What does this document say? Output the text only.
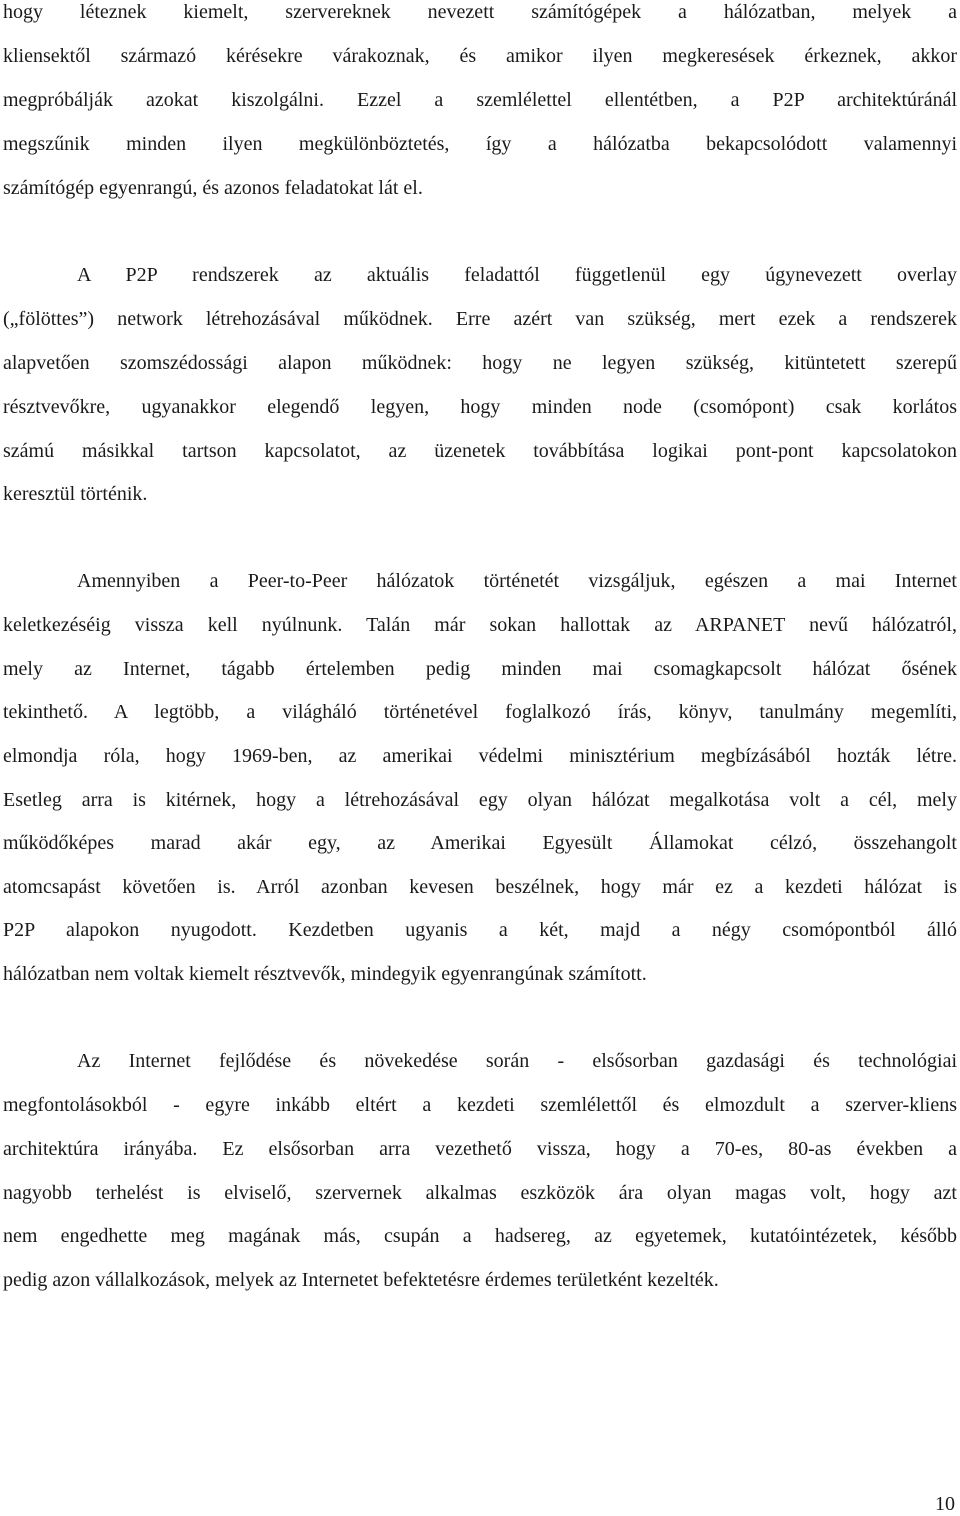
hogy léteznek kiemelt, szervereknek nevezett számítógépek a hálózatban, melyek a
kliensektől származó kérésekre várakoznak, és amikor ilyen megkeresések érkeznek, akkor
megpróbálják azokat kiszolgálni. Ezzel a szemlélettel ellentétben, a P2P architektúránál
megszűnik minden ilyen megkülönböztetés, így a hálózatba bekapcsolódott valamennyi
számítógép egyenrangú, és azonos feladatokat lát el.
A P2P rendszerek az aktuális feladattól függetlenül egy úgynevezett overlay
(„fölöttes”) network létrehozásával működnek. Erre azért van szükség, mert ezek a rendszerek
alapvetően szomszédossági alapon működnek: hogy ne legyen szükség, kitüntetett szerepű
résztvevőkre, ugyanakkor elegendő legyen, hogy minden node (csomópont) csak korlátos
számú másikkal tartson kapcsolatot, az üzenetek továbbítása logikai pont-pont kapcsolatokon
keresztül történik.
Amennyiben a Peer-to-Peer hálózatok történetét vizsgáljuk, egészen a mai Internet
keletkezéséig vissza kell nyúlnunk. Talán már sokan hallottak az ARPANET nevű hálózatról,
mely az Internet, tágabb értelemben pedig minden mai csomagkapcsolt hálózat ősének
tekinthető. A legtöbb, a világháló történetével foglalkozó írás, könyv, tanulmány megemlíti,
elmondja róla, hogy 1969-ben, az amerikai védelmi minisztérium megbízásából hozták létre.
Esetleg arra is kitérnek, hogy a létrehozásával egy olyan hálózat megalkotása volt a cél, mely
működőképes marad akár egy, az Amerikai Egyesült Államokat célzó, összehangolt
atomcsapást követően is. Arról azonban kevesen beszélnek, hogy már ez a kezdeti hálózat is
P2P alapokon nyugodott. Kezdetben ugyanis a két, majd a négy csomópontból álló
hálózatban nem voltak kiemelt résztvevők, mindegyik egyenrangúnak számított.
Az Internet fejlődése és növekedése során - elsősorban gazdasági és technológiai
megfontolásokból - egyre inkább eltért a kezdeti szemlélettől és elmozdult a szerver-kliens
architektúra irányába. Ez elsősorban arra vezethető vissza, hogy a 70-es, 80-as években a
nagyobb terhelést is elviselő, szervernek alkalmas eszközök ára olyan magas volt, hogy azt
nem engedhette meg magának más, csupán a hadsereg, az egyetemek, kutatóintézetek, később
pedig azon vállalkozások, melyek az Internetet befektetésre érdemes területként kezelték.
10
